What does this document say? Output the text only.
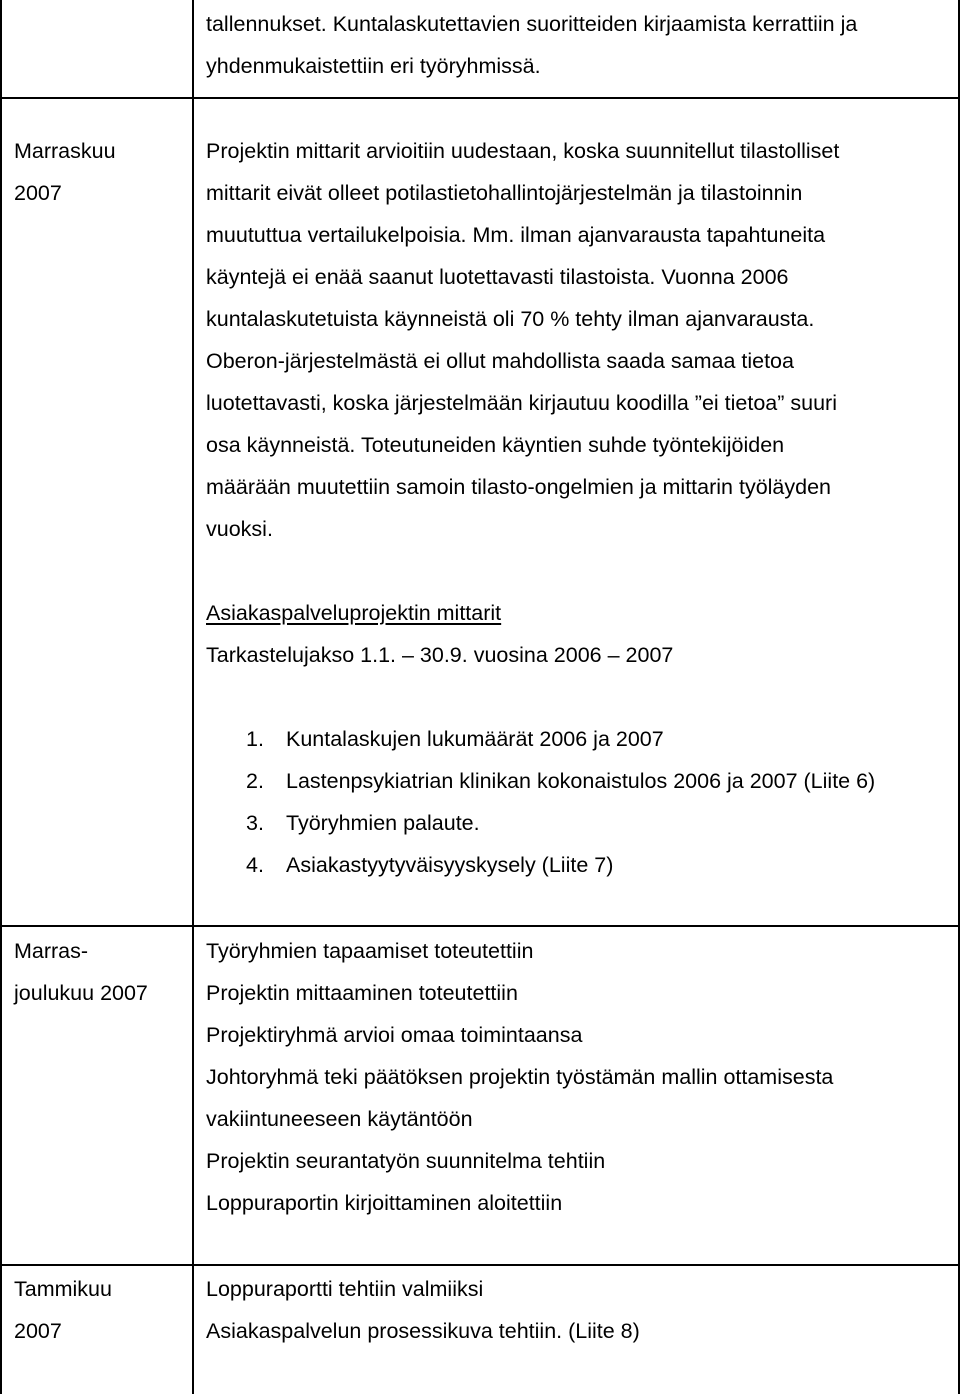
tallennukset. Kuntalaskutettavien suoritteiden kirjaamista kerrattiin ja
yhdenmukaistettiin eri työryhmissä.
Marraskuu
2007
Projektin mittarit arvioitiin uudestaan, koska suunnitellut tilastolliset
mittarit eivät olleet potilastietohallintojärjestelmän ja tilastoinnin
muututtua vertailukelpoisia. Mm. ilman ajanvarausta tapahtuneita
käyntejä ei enää saanut luotettavasti tilastoista. Vuonna 2006
kuntalaskutetuista käynneistä oli 70 % tehty ilman ajanvarausta.
Oberon-järjestelmästä ei ollut mahdollista saada samaa tietoa
luotettavasti, koska järjestelmään kirjautuu koodilla ”ei tietoa” suuri
osa käynneistä. Toteutuneiden käyntien suhde työntekijöiden
määrään muutettiin samoin tilasto-ongelmien ja mittarin työläyden
vuoksi.
Asiakaspalveluprojektin mittarit
Tarkastelujakso 1.1. – 30.9. vuosina 2006 – 2007
1. Kuntalaskujen lukumäärät 2006 ja 2007
2. Lastenpsykiatrian klinikan kokonaistulos 2006 ja 2007 (Liite 6)
3. Työryhmien palaute.
4. Asiakastyytyväisyyskysely (Liite 7)
Marras-
joulukuu 2007
Työryhmien tapaamiset toteutettiin
Projektin mittaaminen toteutettiin
Projektiryhmä arvioi omaa toimintaansa
Johtoryhmä teki päätöksen projektin työstämän mallin ottamisesta
vakiintuneeseen käytäntöön
Projektin seurantatyön suunnitelma tehtiin
Loppuraportin kirjoittaminen aloitettiin
Tammikuu
2007
Loppuraportti tehtiin valmiiksi
Asiakaspalvelun prosessikuva tehtiin. (Liite 8)
